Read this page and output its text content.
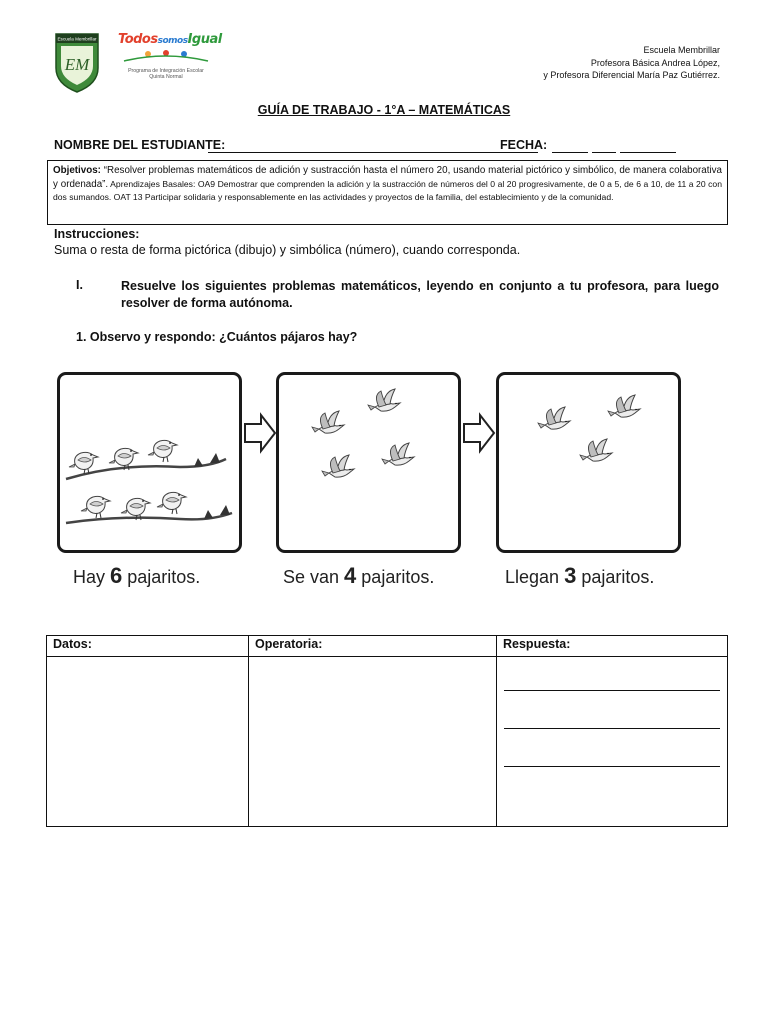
Escuela Membrillar
EM
TodossomosIgual
Programa de Integración Escolar
Quinta Normal
Escuela Membrillar
Profesora Básica Andrea López,
y Profesora Diferencial María Paz Gutiérrez.
GUÍA DE TRABAJO - 1°A – MATEMÁTICAS
NOMBRE DEL ESTUDIANTE:	FECHA:
Objetivos: “Resolver problemas matemáticos de adición y sustracción hasta el número 20, usando material pictórico y simbólico, de manera colaborativa y ordenada”. Aprendizajes Basales: OA9 Demostrar que comprenden la adición y la sustracción de números del 0 al 20 progresivamente, de 0 a 5, de 6 a 10, de 11 a 20 con dos sumandos. OAT 13 Participar solidaria y responsablemente en las actividades y proyectos de la familia, del establecimiento y de la comunidad.
Instrucciones:
Suma o resta de forma pictórica (dibujo) y simbólica (número), cuando corresponda.
I.	Resuelve los siguientes problemas matemáticos, leyendo en conjunto a tu profesora, para luego resolver de forma autónoma.
1. Observo y respondo: ¿Cuántos pájaros hay?
Hay 6 pajaritos.	Se van 4 pajaritos.	Llegan 3 pajaritos.
Datos:	Operatoria:	Respuesta:
